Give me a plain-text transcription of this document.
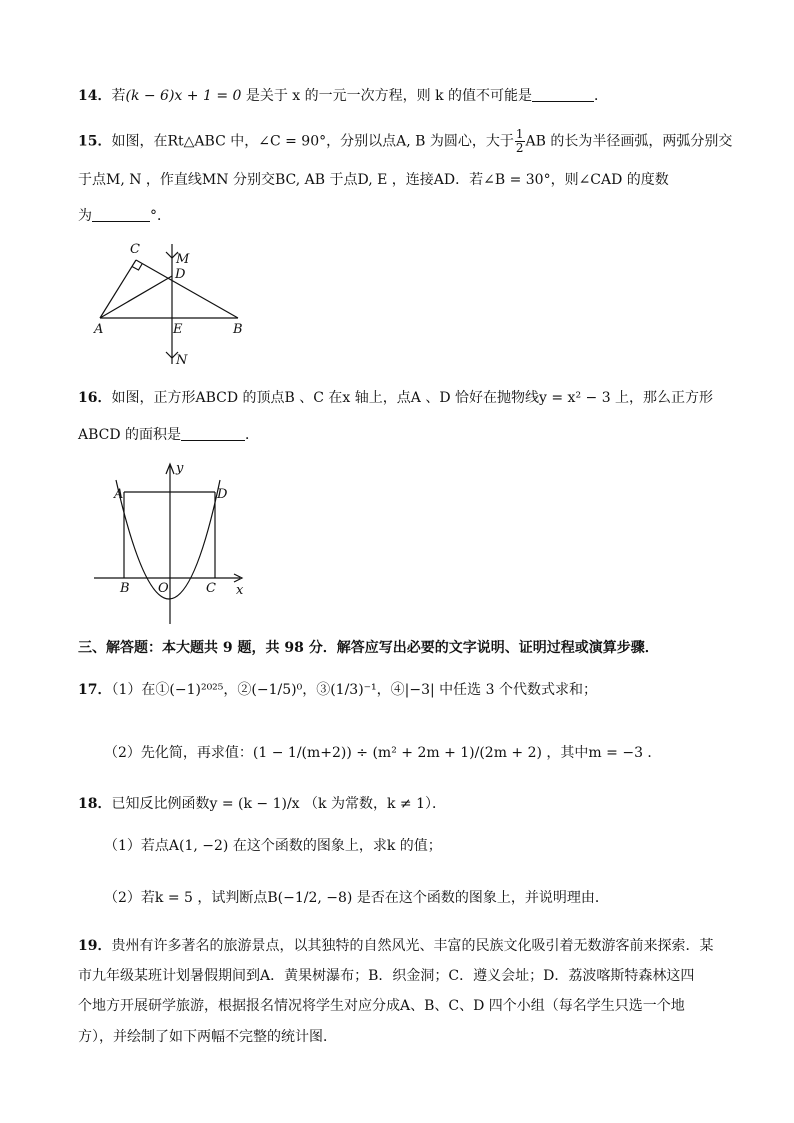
14．若(k − 6)x + 1 = 0 是关于 x 的一元一次方程，则 k 的值不可能是	．
15．如图，在Rt△ABC 中，∠C = 90°，分别以点A, B 为圆心，大于 $\frac{1}{2}$ AB 的长为半径画弧，两弧分别交
于点M, N ，作直线MN 分别交BC, AB 于点D, E ，连接AD．若∠B = 30°，则∠CAD 的度数
为	°．
C
M
D
A	E	B
N
16．如图，正方形ABCD 的顶点B 、C 在x 轴上，点A 、D 恰好在抛物线y = x² − 3 上，那么正方形
ABCD 的面积是	．
y
A	D
B O	C x
三、解答题：本大题共 9 题，共 98 分．解答应写出必要的文字说明、证明过程或演算步骤．
17．（1）在①(−1)²⁰²⁵，②(−1/5)⁰，③(1/3)⁻¹，④|−3| 中任选 3 个代数式求和；
（2）先化简，再求值：(1 − 1/(m+2)) ÷ (m² + 2m + 1)/(2m + 2) ，其中m = −3 ．
18．已知反比例函数y = (k − 1)/x （k 为常数，k ≠ 1）．
（1）若点A(1, −2) 在这个函数的图象上，求k 的值；
（2）若k = 5 ，试判断点B(−1/2, −8) 是否在这个函数的图象上，并说明理由．
19．贵州有许多著名的旅游景点，以其独特的自然风光、丰富的民族文化吸引着无数游客前来探索．某
市九年级某班计划暑假期间到A．黄果树瀑布；B．织金洞；C．遵义会址；D．荔波喀斯特森林这四
个地方开展研学旅游，根据报名情况将学生对应分成A、B、C、D 四个小组（每名学生只选一个地
方），并绘制了如下两幅不完整的统计图．
